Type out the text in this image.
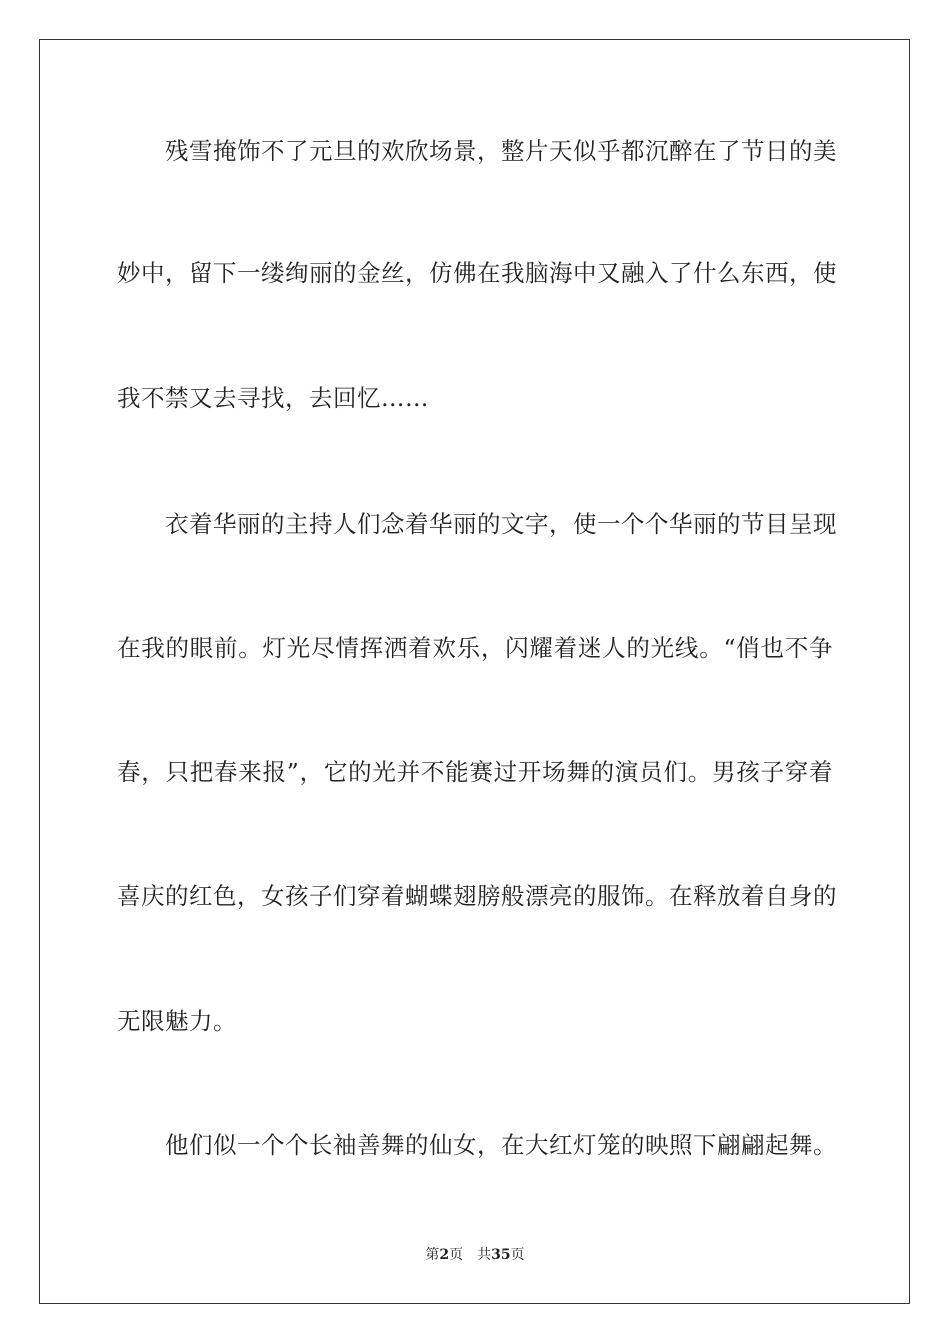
残雪掩饰不了元旦的欢欣场景，整片天似乎都沉醉在了节日的美
妙中，留下一缕绚丽的金丝，仿佛在我脑海中又融入了什么东西，使
我不禁又去寻找，去回忆……
衣着华丽的主持人们念着华丽的文字，使一个个华丽的节目呈现
在我的眼前。灯光尽情挥洒着欢乐，闪耀着迷人的光线。“俏也不争
春，只把春来报”，它的光并不能赛过开场舞的演员们。男孩子穿着
喜庆的红色，女孩子们穿着蝴蝶翅膀般漂亮的服饰。在释放着自身的
无限魅力。
他们似一个个长袖善舞的仙女，在大红灯笼的映照下翩翩起舞。
第2页 共35页
